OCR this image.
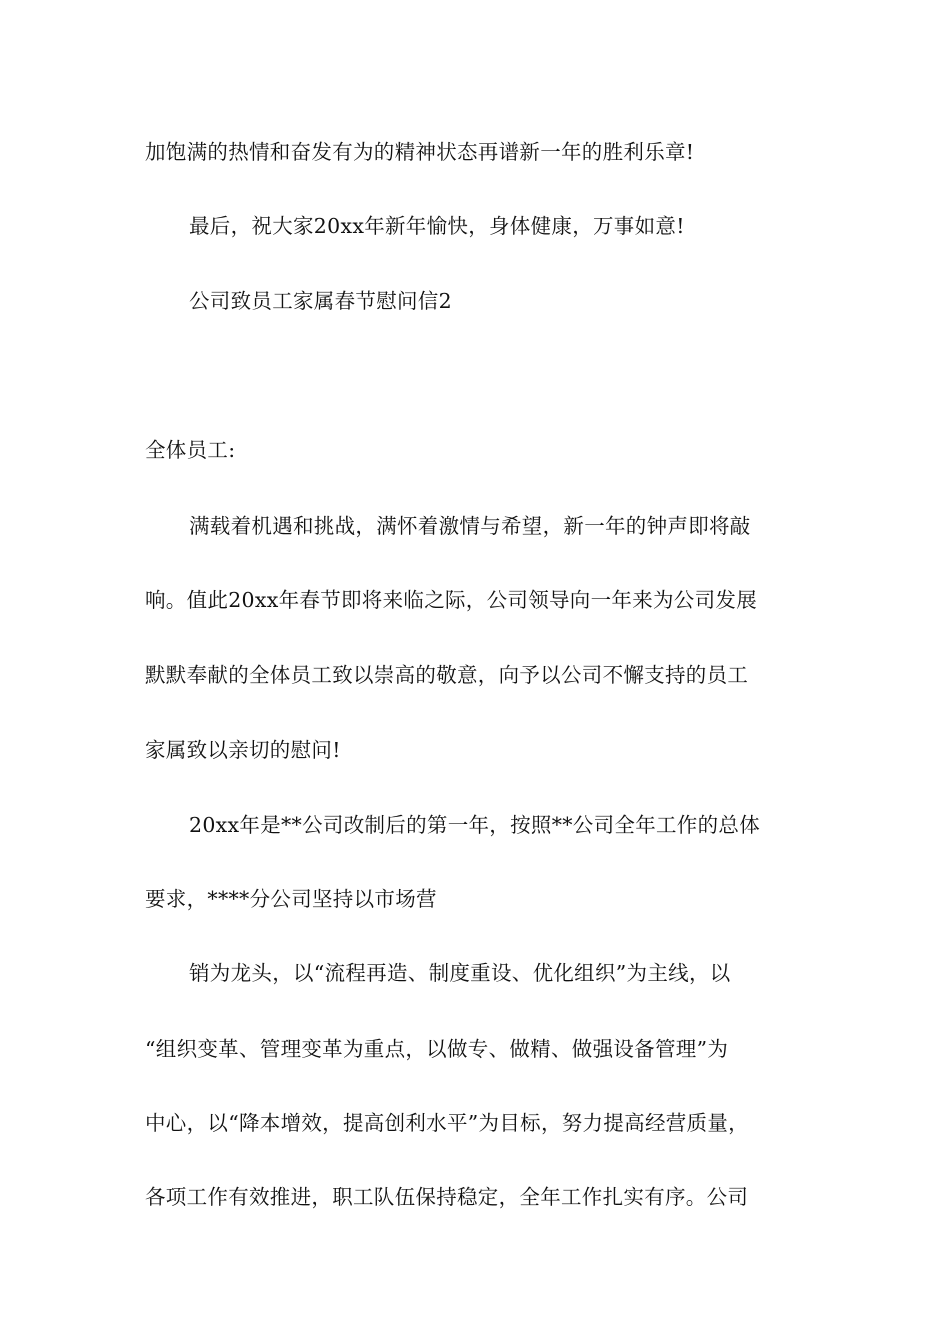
加饱满的热情和奋发有为的精神状态再谱新一年的胜利乐章!
最后，祝大家20xx年新年愉快，身体健康，万事如意!
公司致员工家属春节慰问信2
全体员工:
满载着机遇和挑战，满怀着激情与希望，新一年的钟声即将敲
响。值此20xx年春节即将来临之际，公司领导向一年来为公司发展
默默奉献的全体员工致以崇高的敬意，向予以公司不懈支持的员工
家属致以亲切的慰问!
20xx年是**公司改制后的第一年，按照**公司全年工作的总体
要求，****分公司坚持以市场营
销为龙头，以“流程再造、制度重设、优化组织”为主线，以
“组织变革、管理变革为重点，以做专、做精、做强设备管理”为
中心，以“降本增效，提高创利水平”为目标，努力提高经营质量，
各项工作有效推进，职工队伍保持稳定，全年工作扎实有序。公司
